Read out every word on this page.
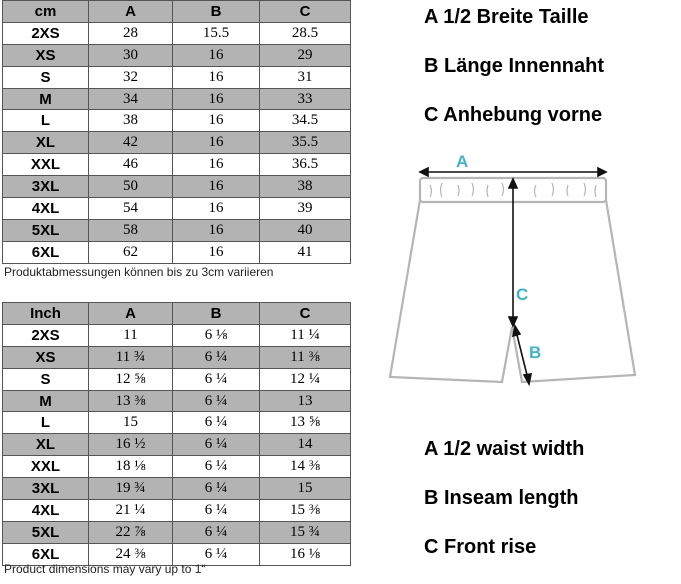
cm	A	B	C
2XS	28	15.5	28.5
XS	30	16	29
S	32	16	31
M	34	16	33
L	38	16	34.5
XL	42	16	35.5
XXL	46	16	36.5
3XL	50	16	38
4XL	54	16	39
5XL	58	16	40
6XL	62	16	41
Produktabmessungen können bis zu 3cm variieren
Inch	A	B	C
2XS	11	6 ⅛	11 ¼
XS	11 ¾	6 ¼	11 ⅜
S	12 ⅝	6 ¼	12 ¼
M	13 ⅜	6 ¼	13
L	15	6 ¼	13 ⅝
XL	16 ½	6 ¼	14
XXL	18 ⅛	6 ¼	14 ⅜
3XL	19 ¾	6 ¼	15
4XL	21 ¼	6 ¼	15 ⅜
5XL	22 ⅞	6 ¼	15 ¾
6XL	24 ⅜	6 ¼	16 ⅛
Product dimensions may vary up to 1“
A 1/2 Breite Taille
B Länge Innennaht
C Anhebung vorne
A
C
B
A 1/2 waist width
B Inseam length
C Front rise
